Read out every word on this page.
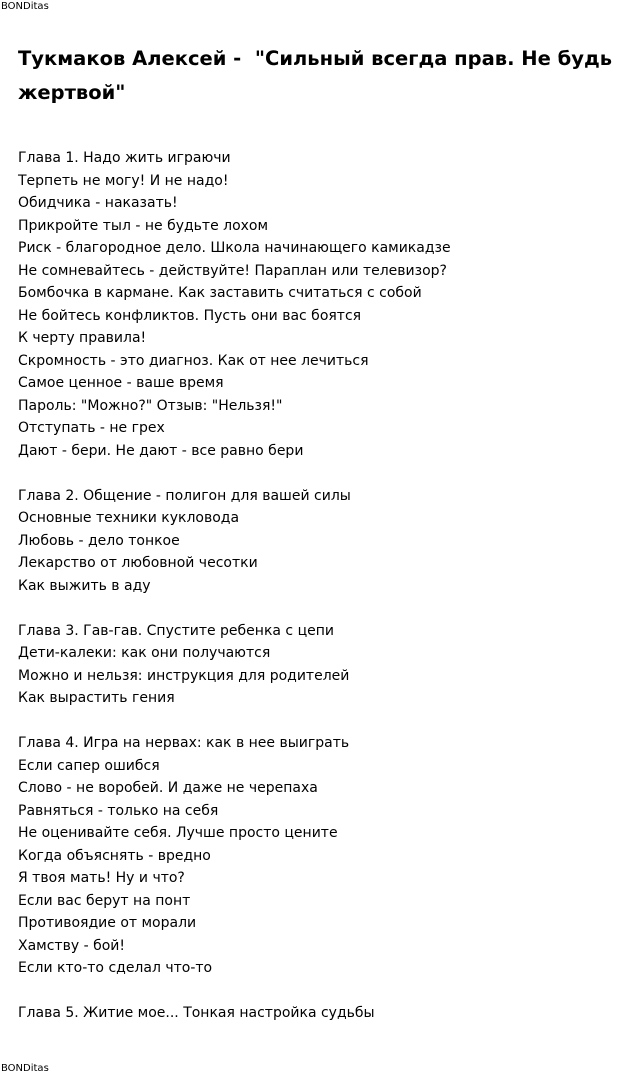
BONDitas
Тукмаков Алексей -  "Сильный всегда прав. Не будь жертвой"
Глава 1. Надо жить играючи
Терпеть не могу! И не надо!
Обидчика - наказать!
Прикройте тыл - не будьте лохом
Риск - благородное дело. Школа начинающего камикадзе
Не сомневайтесь - действуйте! Параплан или телевизор?
Бомбочка в кармане. Как заставить считаться с собой
Не бойтесь конфликтов. Пусть они вас боятся
К черту правила!
Скромность - это диагноз. Как от нее лечиться
Самое ценное - ваше время
Пароль: "Можно?" Отзыв: "Нельзя!"
Отступать - не грех
Дают - бери. Не дают - все равно бери
Глава 2. Общение - полигон для вашей силы
Основные техники кукловода
Любовь - дело тонкое
Лекарство от любовной чесотки
Как выжить в аду
Глава 3. Гав-гав. Спустите ребенка с цепи
Дети-калеки: как они получаются
Можно и нельзя: инструкция для родителей
Как вырастить гения
Глава 4. Игра на нервах: как в нее выиграть
Если сапер ошибся
Слово - не воробей. И даже не черепаха
Равняться - только на себя
Не оценивайте себя. Лучше просто цените
Когда объяснять - вредно
Я твоя мать! Ну и что?
Если вас берут на понт
Противоядие от морали
Хамству - бой!
Если кто-то сделал что-то
Глава 5. Житие мое... Тонкая настройка судьбы
BONDitas
